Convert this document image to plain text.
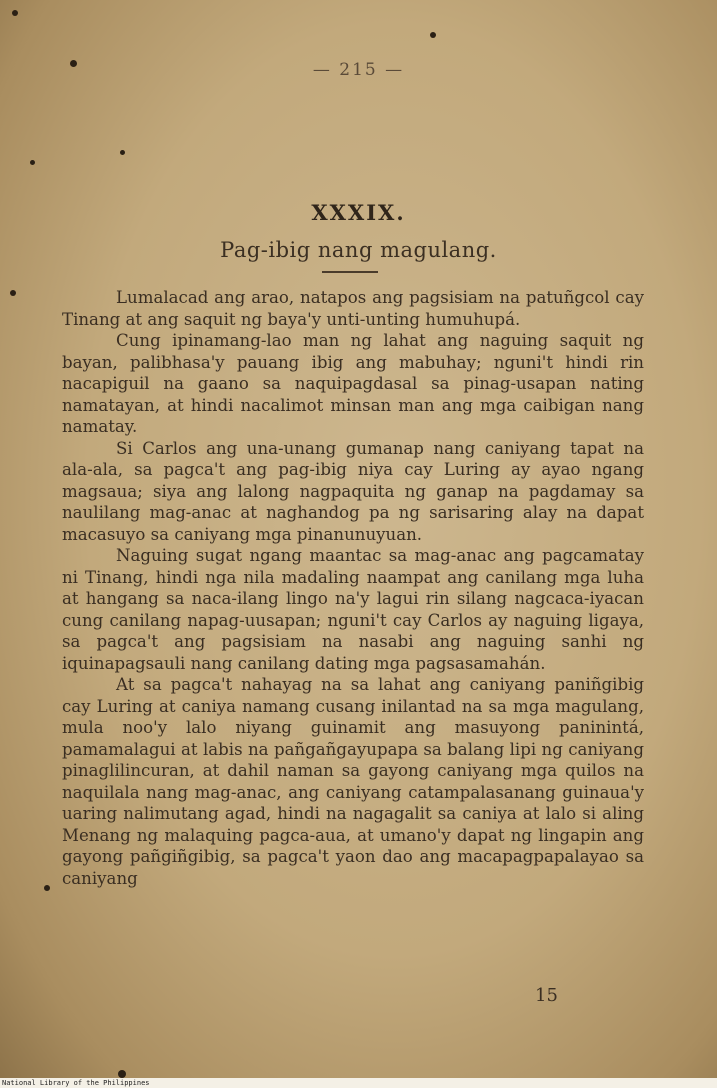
— 215 —
XXXIX.
Pag-ibig nang magulang.

Lumalacad ang arao, natapos ang pagsisiam na patuñgcol cay Tinang at ang saquit ng baya'y unti-unting humuhupá.

Cung ipinamang-lao man ng lahat ang naguing saquit ng bayan, palibhasa'y pauang ibig ang mabuhay; nguni't hindi rin nacapiguil na gaano sa naquipagdasal sa pinag-usapan nating namatayan, at hindi nacalimot minsan man ang mga caibigan nang namatay.

Si Carlos ang una-unang gumanap nang caniyang tapat na ala-ala, sa pagca't ang pag-ibig niya cay Luring ay ayao ngang magsaua; siya ang lalong nagpaquita ng ganap na pagdamay sa naulilang mag-anac at naghandog pa ng sarisaring alay na dapat macasuyo sa caniyang mga pinanunuyuan.

Naguing sugat ngang maantac sa mag-anac ang pagcamatay ni Tinang, hindi nga nila madaling naampat ang canilang mga luha at hangang sa naca-ilang lingo na'y lagui rin silang nagcaca-iyacan cung canilang napag-uusapan; nguni't cay Carlos ay naguing ligaya, sa pagca't ang pagsisiam na nasabi ang naguing sanhi ng iquinapagsauli nang canilang dating mga pagsasamahán.

At sa pagca't nahayag na sa lahat ang caniyang paniñgibig cay Luring at caniya namang cusang inilantad na sa mga magulang, mula noo'y lalo niyang guinamit ang masuyong paninintá, pamamalagui at labis na pañgañgayupapa sa balang lipi ng caniyang pinaglilincuran, at dahil naman sa gayong caniyang mga quilos na naquilala nang mag-anac, ang caniyang catampalasanang guinaua'y uaring nalimutang agad, hindi na nagagalit sa caniya at lalo si aling Menang ng malaquing pagca-aua, at umano'y dapat ng lingapin ang gayong pañgiñgibig, sa pagca't yaon dao ang macapagpapalayao sa caniyang

15
National Library of the Philippines
